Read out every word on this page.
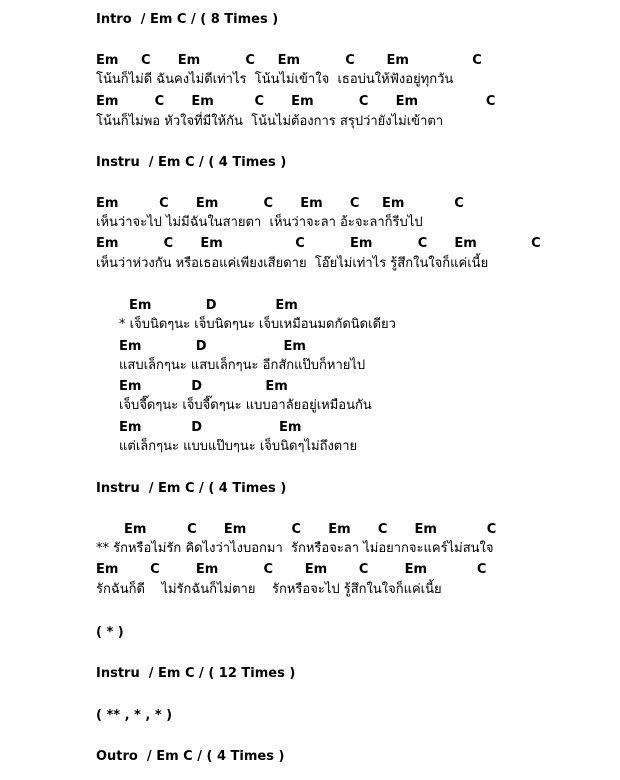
Intro  / Em C / ( 8 Times )
Em     C      Em          C     Em          C       Em              C
โน้นก็ไม่ดี ฉันคงไม่ดีเท่าไร  โน้นไม่เข้าใจ  เธอบ่นให้ฟังอยู่ทุกวัน
Em        C      Em         C      Em          C      Em               C
โน้นก็ไม่พอ หัวใจที่มีให้กัน  โน้นไม่ต้องการ สรุปว่ายังไม่เข้าตา
Instru  / Em C / ( 4 Times )
Em         C      Em          C      Em      C     Em           C
เห็นว่าจะไป ไม่มีฉันในสายตา  เห็นว่าจะลา อ้ะจะลาก็รีบไป
Em          C      Em                C          Em          C      Em            C
เห็นว่าห่วงกัน หรือเธอแค่เพียงเสียดาย  โอ๊ยไม่เท่าไร รู้สึกในใจก็แค่เนี้ย
Em            D             Em
* เจ็บนิดๆนะ เจ็บนิดๆนะ เจ็บเหมือนมดกัดนิดเดียว
Em            D                 Em
แสบเล็กๆนะ แสบเล็กๆนะ อีกสักแป๊บก็หายไป
Em           D              Em
เจ็บจี๊ดๆนะ เจ็บจี๊ดๆนะ แบบอาลัยอยู่เหมือนกัน
Em           D                 Em
แต่เล็กๆนะ แบบแป๊บๆนะ เจ็บนิดๆไม่ถึงตาย
Instru  / Em C / ( 4 Times )
Em         C      Em          C      Em      C      Em           C
** รักหรือไม่รัก คิดไงว่าไงบอกมา  รักหรือจะลา ไม่อยากจะแคร์ไม่สนใจ
Em       C        Em          C       Em       C        Em           C
รักฉันก็ดี    ไม่รักฉันก็ไม่ตาย    รักหรือจะไป รู้สึกในใจก็แค่เนี้ย
( * )
Instru  / Em C / ( 12 Times )
( ** , * , * )
Outro  / Em C / ( 4 Times )
